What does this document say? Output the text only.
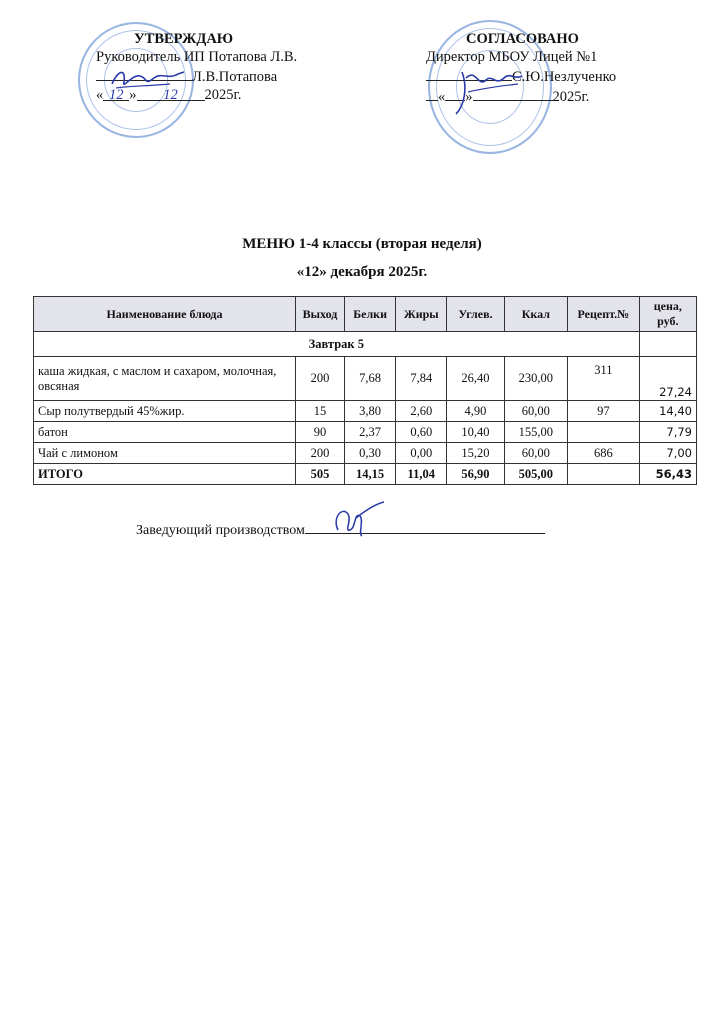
УТВЕРЖДАЮ
Руководитель ИП Потапова Л.В.
Л.В.Потапова
« 12 » 12 2025г.
СОГЛАСОВАНО
Директор МБОУ Лицей №1
С.Ю.Незлученко
« »	2025г.
МЕНЮ 1-4 классы (вторая неделя)
«12» декабря 2025г.
Наименование блюда	Выход	Белки	Жиры	Углев.	Ккал	Рецепт.№	цена, руб.
Завтрак 5							
каша жидкая, с маслом и сахаром, молочная, овсяная	200	7,68	7,84	26,40	230,00	311	27,24
Сыр полутвердый 45%жир.	15	3,80	2,60	4,90	60,00	97	14,40
батон	90	2,37	0,60	10,40	155,00		7,79
Чай с лимоном	200	0,30	0,00	15,20	60,00	686	7,00
ИТОГО	505	14,15	11,04	56,90	505,00		56,43
Заведующий производством
